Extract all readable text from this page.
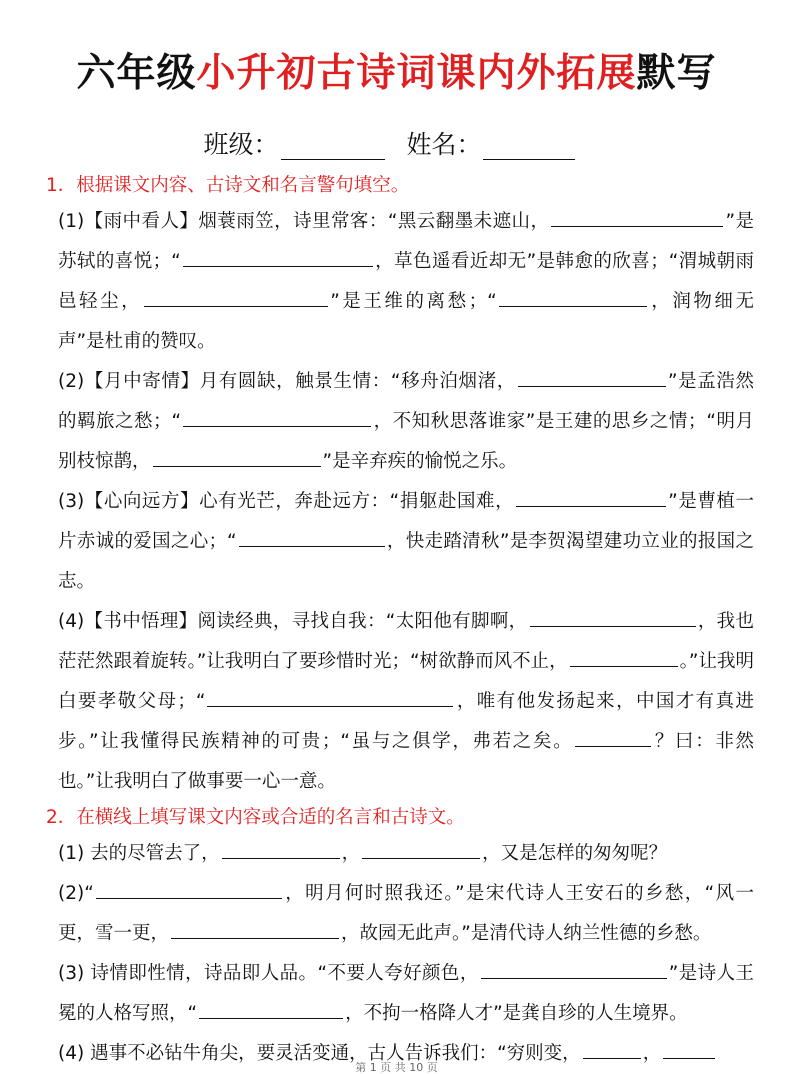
六年级小升初古诗词课内外拓展默写
班级：	姓名：
1．根据课文内容、古诗文和名言警句填空。

(1)【雨中看人】烟蓑雨笠，诗里常客：“黑云翻墨未遮山，	”是苏轼的喜悦；“	，草色遥看近却无”是韩愈的欣喜；“渭城朝雨邑轻尘，	”是王维的离愁；“	，润物细无声”是杜甫的赞叹。

(2)【月中寄情】月有圆缺，触景生情：“移舟泊烟渚，	”是孟浩然的羁旅之愁；“	，不知秋思落谁家”是王建的思乡之情；“明月别枝惊鹊，	”是辛弃疾的愉悦之乐。

(3)【心向远方】心有光芒，奔赴远方：“捐躯赴国难，	”是曹植一片赤诚的爱国之心；“	，快走踏清秋”是李贺渴望建功立业的报国之志。

(4)【书中悟理】阅读经典，寻找自我：“太阳他有脚啊，	，我也茫茫然跟着旋转。”让我明白了要珍惜时光；“树欲静而风不止，	。”让我明白要孝敬父母；“	，唯有他发扬起来，中国才有真进步。”让我懂得民族精神的可贵；“虽与之俱学，弗若之矣。	？曰：非然也。”让我明白了做事要一心一意。

2．在横线上填写课文内容或合适的名言和古诗文。

(1) 去的尽管去了，	，	，又是怎样的匆匆呢？

(2)“	，明月何时照我还。”是宋代诗人王安石的乡愁，“风一更，雪一更，	，故园无此声。”是清代诗人纳兰性德的乡愁。

(3) 诗情即性情，诗品即人品。“不要人夸好颜色，	”是诗人王冕的人格写照，“	，不拘一格降人才”是龚自珍的人生境界。

(4) 遇事不必钻牛角尖，要灵活变通，古人告诉我们：“穷则变，	，

第 1 页 共 10 页
